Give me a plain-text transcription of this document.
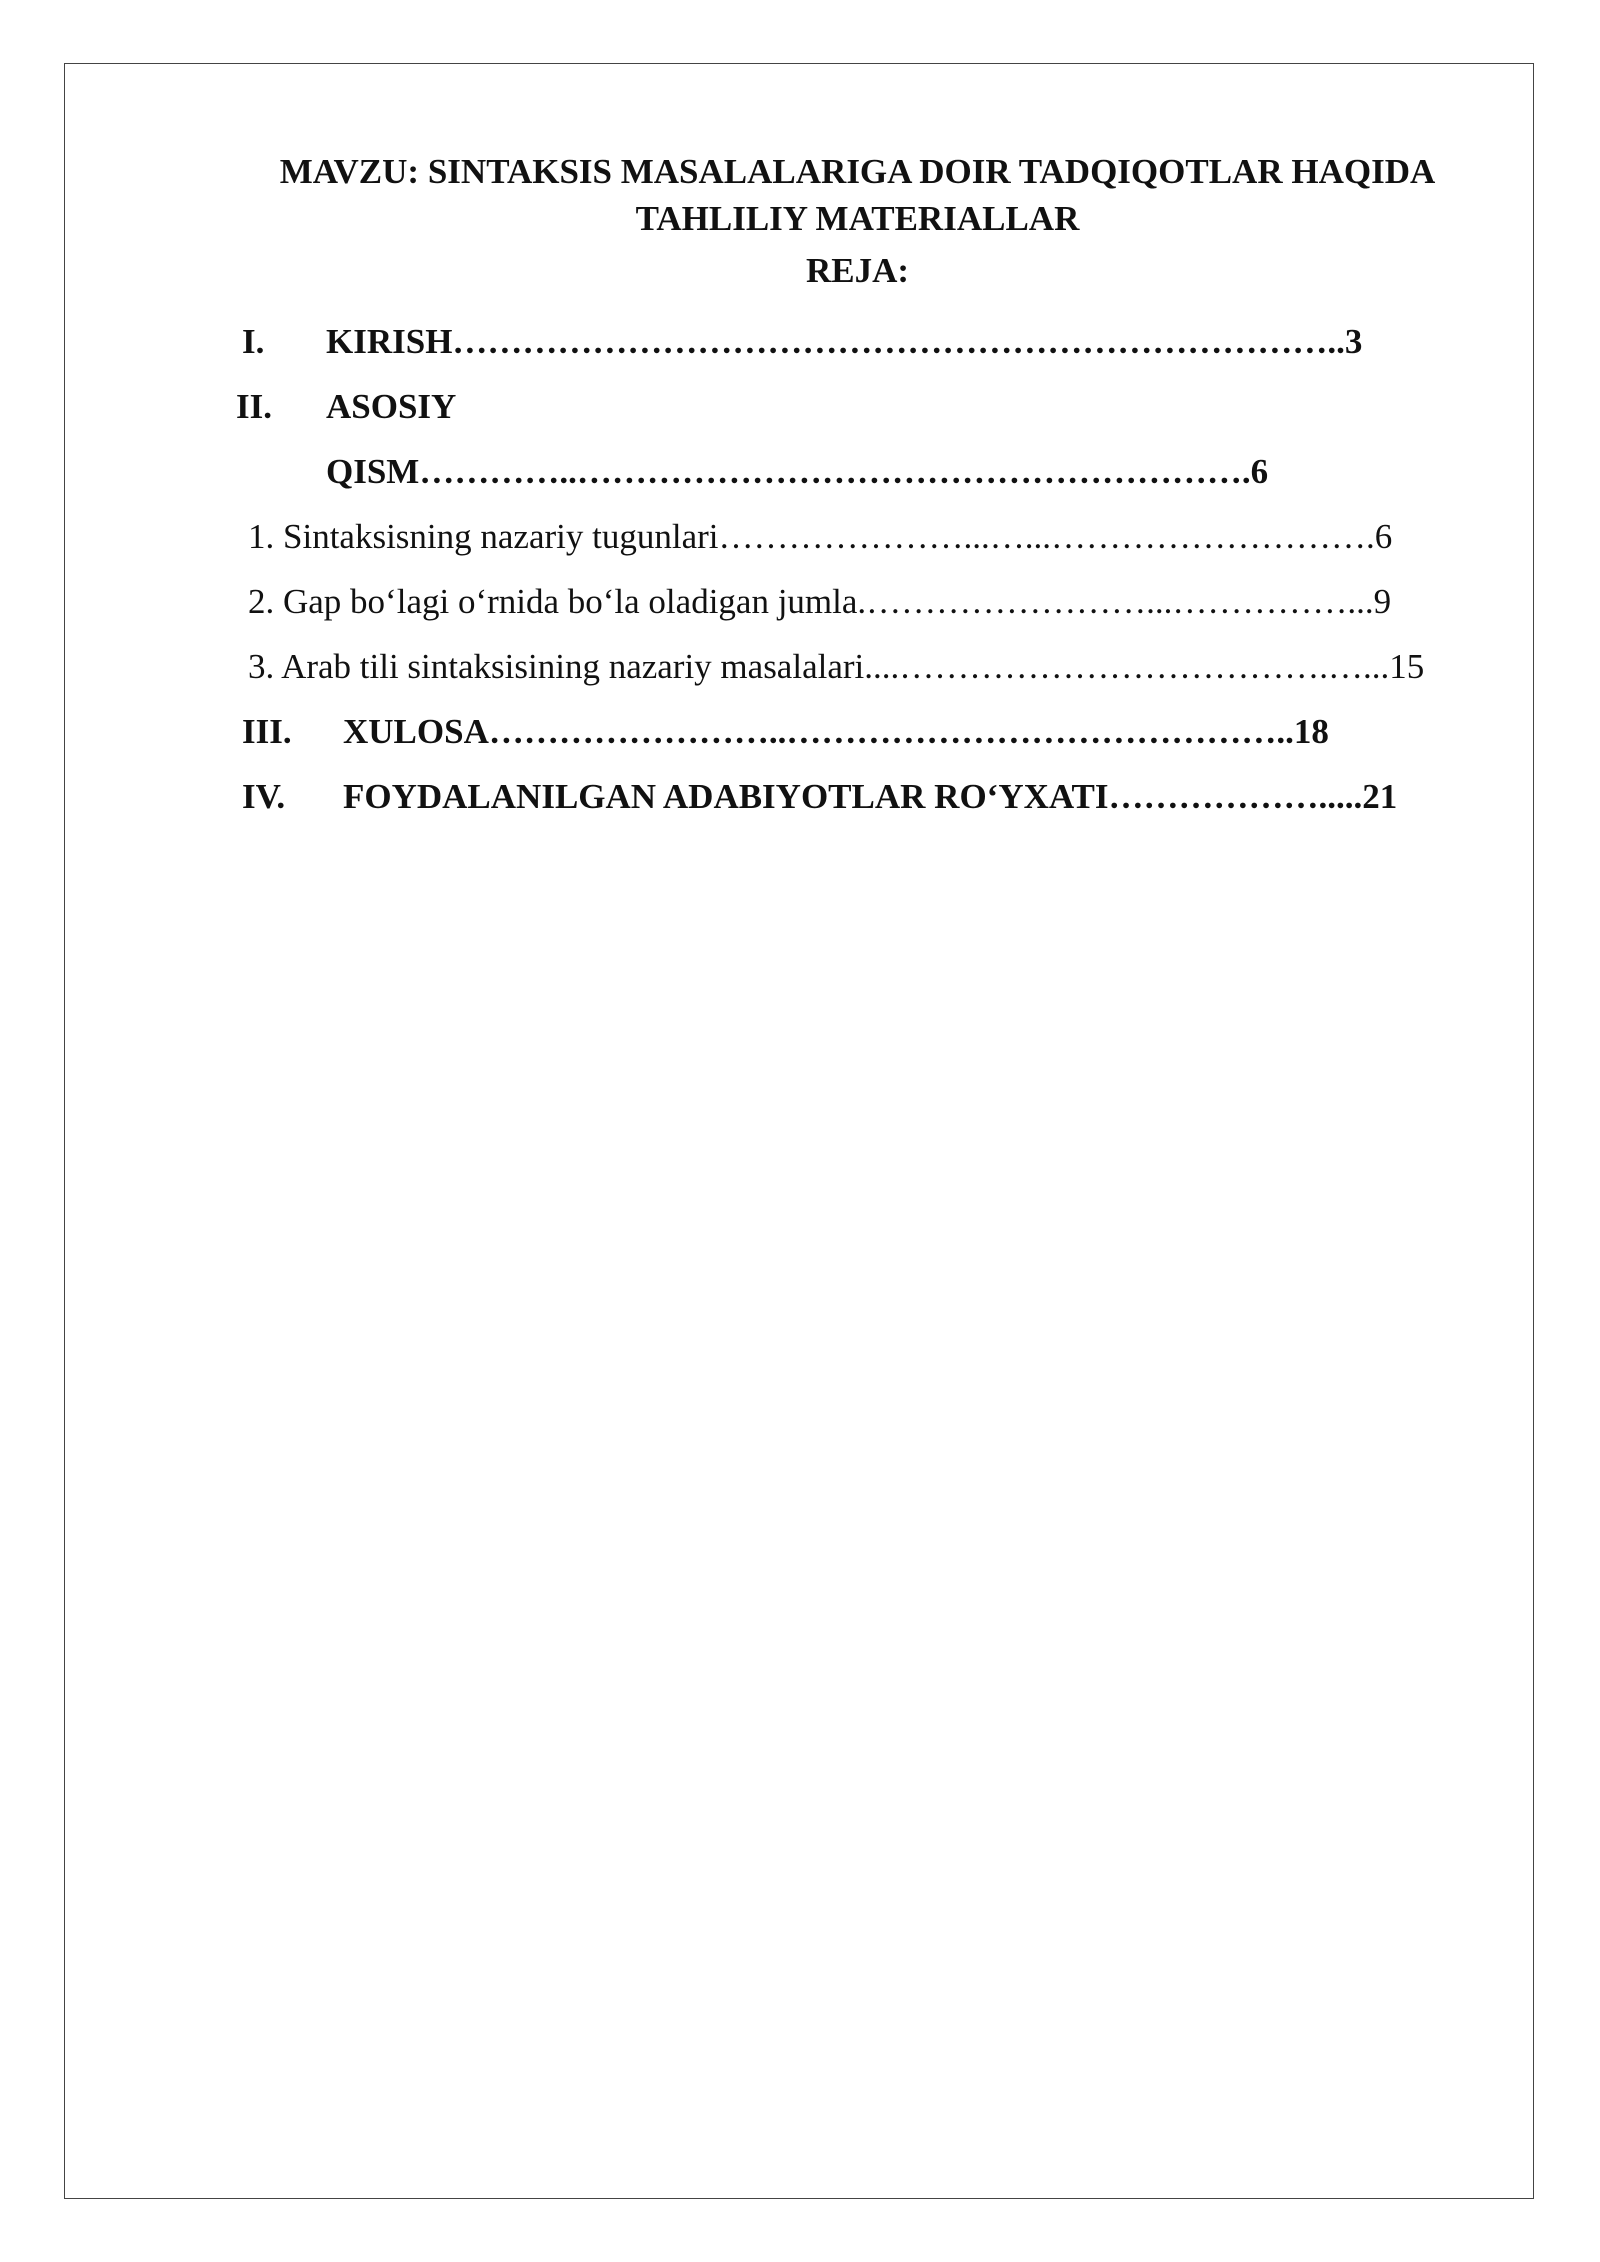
MAVZU: SINTAKSIS MASALALARIGA DOIR TADQIQOTLAR HAQIDA
TAHLILIY MATERIALLAR
REJA:
I. KIRISH…………………………………………………………………..3
II. ASOSIY
QISM…………..………………………………………………….6
1. Sintaksisning nazariy tugunlari…………………...…...……………………….6
2. Gap bo‘lagi o‘rnida bo‘la oladigan jumla.……………………...……………...9
3. Arab tili sintaksisining nazariy masalalari....……………………………….…...15
III. XULOSA……………………..……………………………………..18
IV. FOYDALANILGAN ADABIYOTLAR RO‘YXATI……………….....21
